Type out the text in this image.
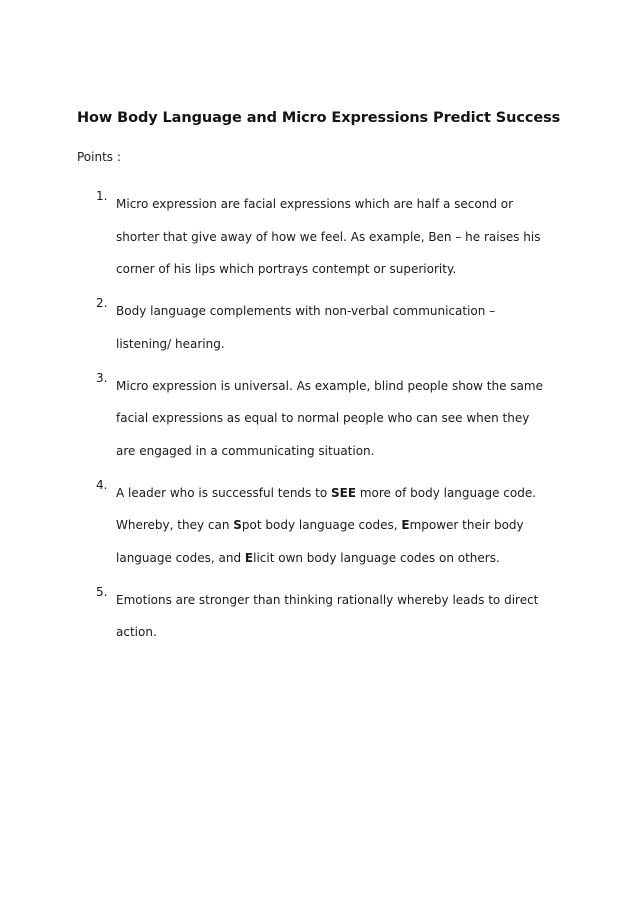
How Body Language and Micro Expressions Predict Success

Points :

1.
Micro expression are facial expressions which are half a second or
shorter that give away of how we feel. As example, Ben – he raises his
corner of his lips which portrays contempt or superiority.
2.
Body language complements with non-verbal communication –
listening/ hearing.
3.
Micro expression is universal. As example, blind people show the same
facial expressions as equal to normal people who can see when they
are engaged in a communicating situation.
4.
A leader who is successful tends to SEE more of body language code.
Whereby, they can Spot body language codes, Empower their body
language codes, and Elicit own body language codes on others.
5.
Emotions are stronger than thinking rationally whereby leads to direct
action.
